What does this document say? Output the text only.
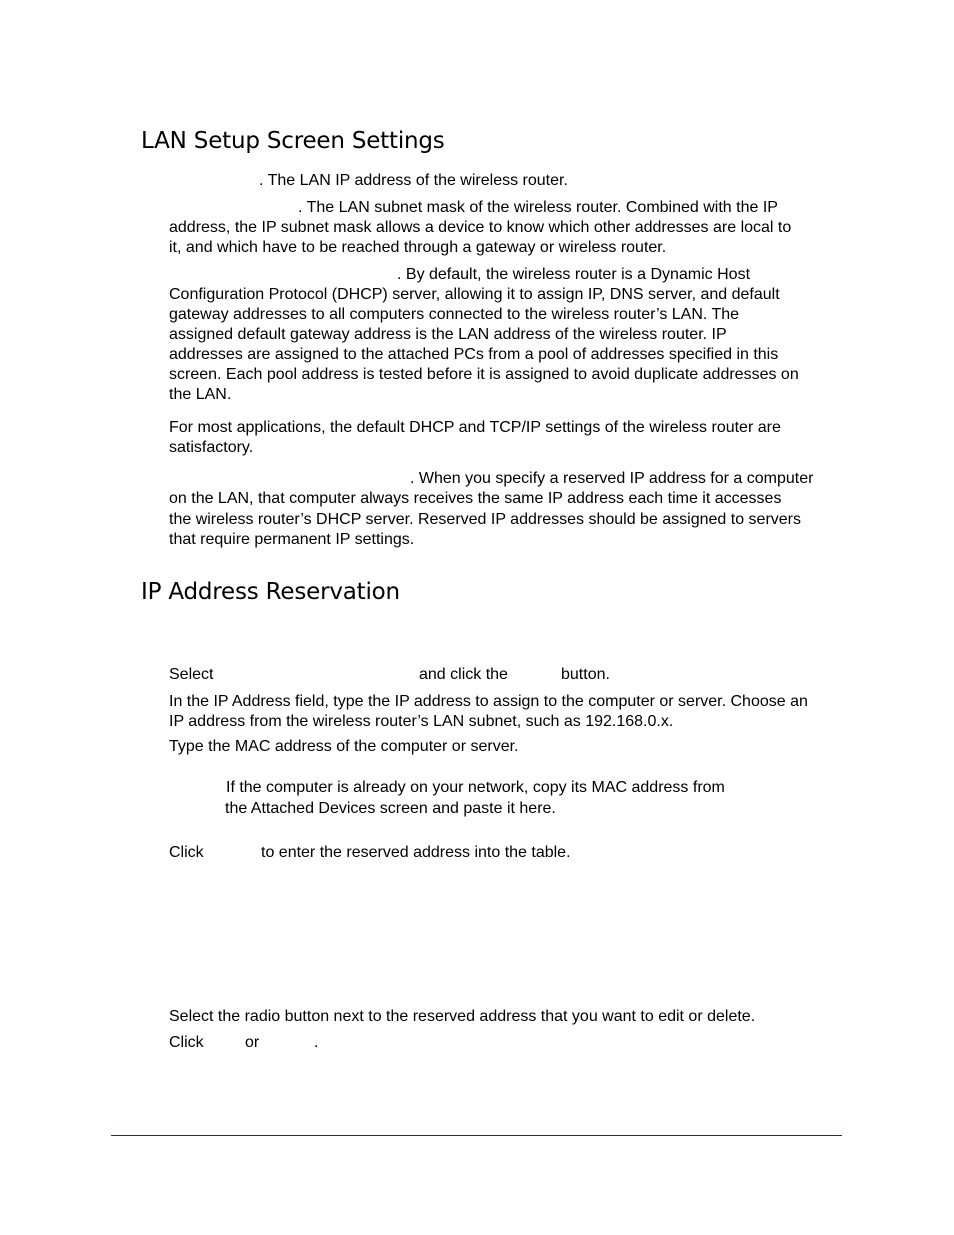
LAN Setup Screen Settings

. The LAN IP address of the wireless router.

. The LAN subnet mask of the wireless router. Combined with the IP

address, the IP subnet mask allows a device to know which other addresses are local to

it, and which have to be reached through a gateway or wireless router.

. By default, the wireless router is a Dynamic Host

Configuration Protocol (DHCP) server, allowing it to assign IP, DNS server, and default

gateway addresses to all computers connected to the wireless router’s LAN. The

assigned default gateway address is the LAN address of the wireless router. IP

addresses are assigned to the attached PCs from a pool of addresses specified in this

screen. Each pool address is tested before it is assigned to avoid duplicate addresses on

the LAN.

For most applications, the default DHCP and TCP/IP settings of the wireless router are

satisfactory.

. When you specify a reserved IP address for a computer

on the LAN, that computer always receives the same IP address each time it accesses

the wireless router’s DHCP server. Reserved IP addresses should be assigned to servers

that require permanent IP settings.

IP Address Reservation
Select	and click the	button.

In the IP Address field, type the IP address to assign to the computer or server. Choose an

IP address from the wireless router’s LAN subnet, such as 192.168.0.x.

Type the MAC address of the computer or server.

If the computer is already on your network, copy its MAC address from

the Attached Devices screen and paste it here.

Click	to enter the reserved address into the table.

Select the radio button next to the reserved address that you want to edit or delete.

Click	or	.
